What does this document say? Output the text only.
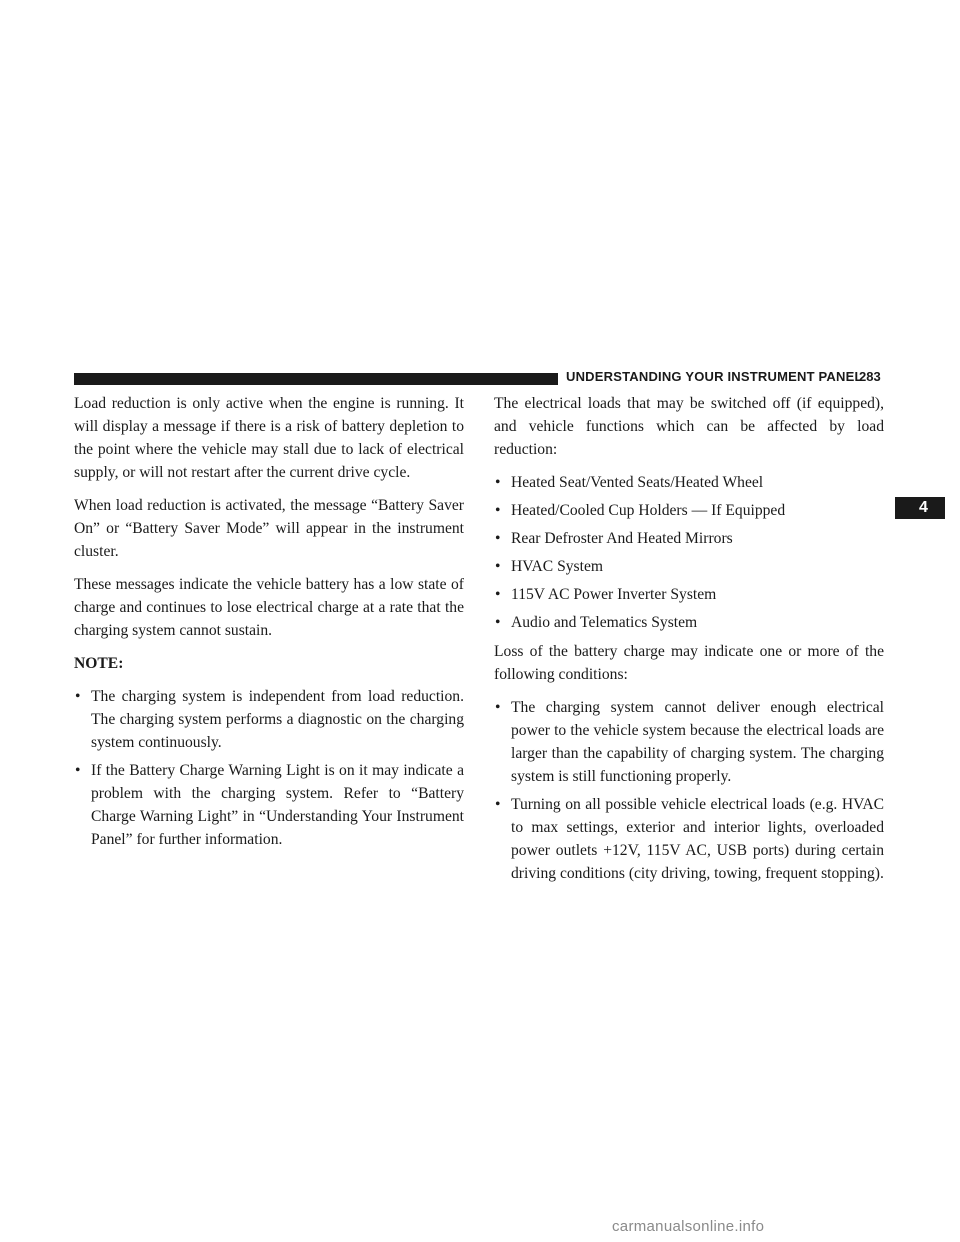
UNDERSTANDING YOUR INSTRUMENT PANEL
283
4

Load reduction is only active when the engine is running. It will display a message if there is a risk of battery depletion to the point where the vehicle may stall due to lack of electrical supply, or will not restart after the current drive cycle.

When load reduction is activated, the message “Battery Saver On” or “Battery Saver Mode” will appear in the instrument cluster.

These messages indicate the vehicle battery has a low state of charge and continues to lose electrical charge at a rate that the charging system cannot sustain.

NOTE:
• The charging system is independent from load reduction. The charging system performs a diagnostic on the charging system continuously.
• If the Battery Charge Warning Light is on it may indicate a problem with the charging system. Refer to “Battery Charge Warning Light” in “Understanding Your Instrument Panel” for further information.

The electrical loads that may be switched off (if equipped), and vehicle functions which can be affected by load reduction:

• Heated Seat/Vented Seats/Heated Wheel
• Heated/Cooled Cup Holders — If Equipped
• Rear Defroster And Heated Mirrors
• HVAC System
• 115V AC Power Inverter System
• Audio and Telematics System

Loss of the battery charge may indicate one or more of the following conditions:

• The charging system cannot deliver enough electrical power to the vehicle system because the electrical loads are larger than the capability of charging system. The charging system is still functioning properly.
• Turning on all possible vehicle electrical loads (e.g. HVAC to max settings, exterior and interior lights, overloaded power outlets +12V, 115V AC, USB ports) during certain driving conditions (city driving, towing, frequent stopping).
carmanualsonline.info
